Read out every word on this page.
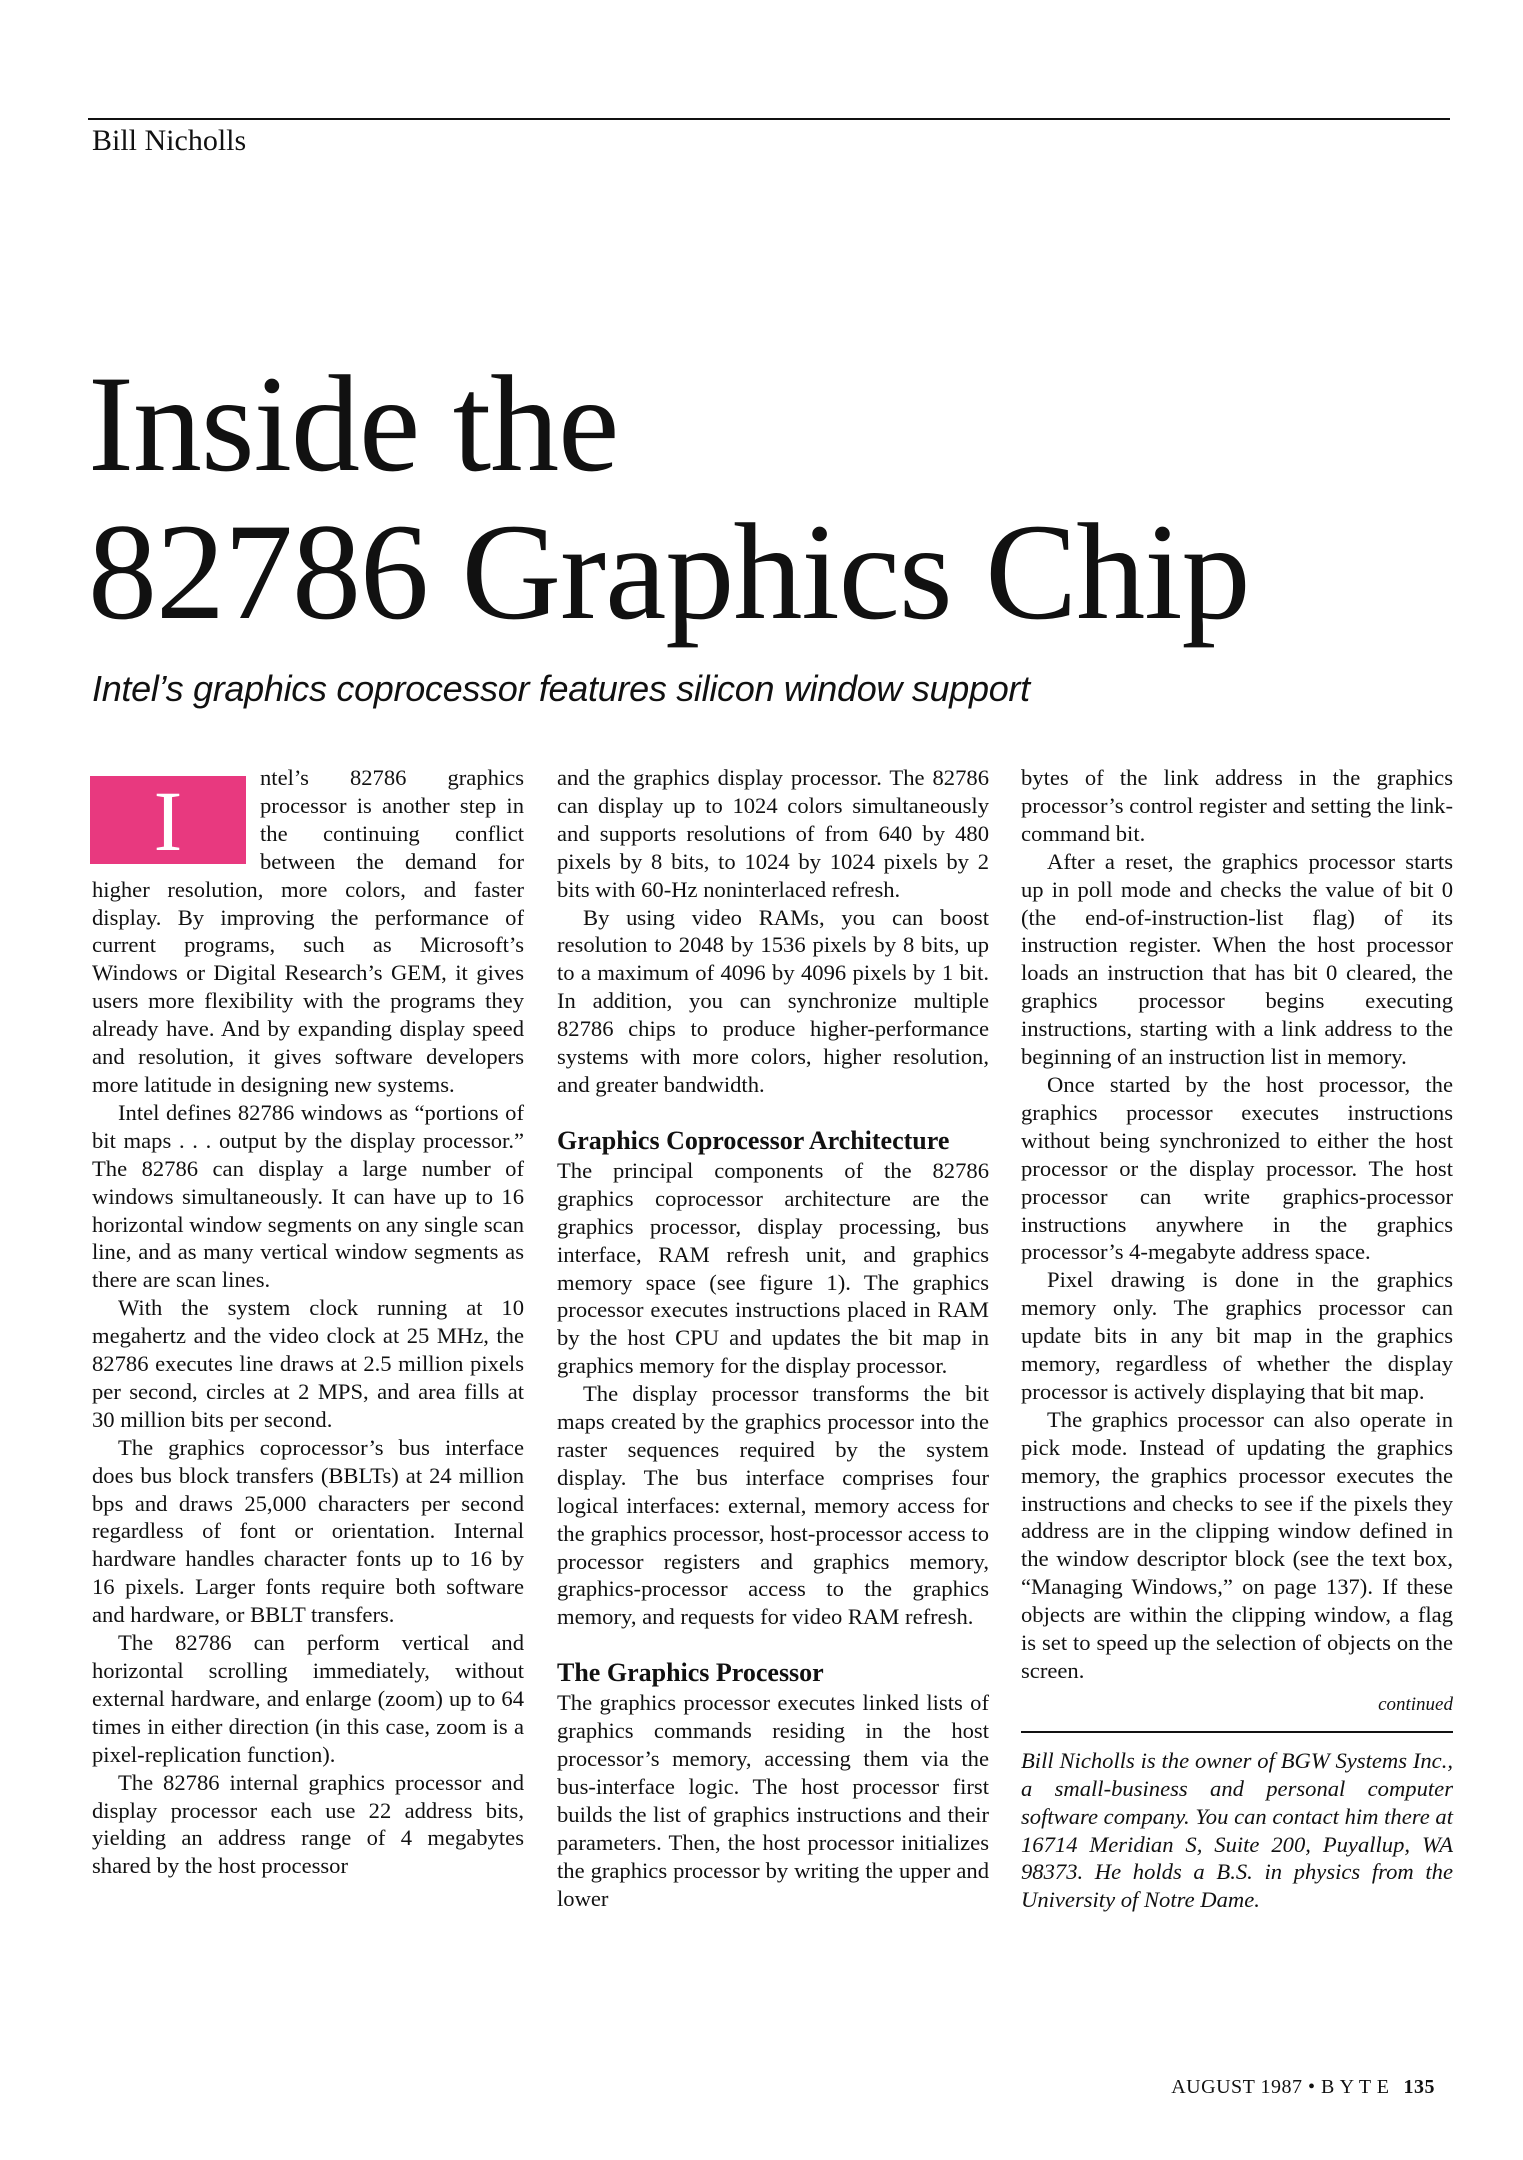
Bill Nicholls
Inside the
82786 Graphics Chip
Intel’s graphics coprocessor features silicon window support

I	ntel’s 82786 graphics processor is another step in the continuing conflict between the demand for higher resolution, more colors, and faster display. By improving the performance of current programs, such as Microsoft’s Windows or Digital Research’s GEM, it gives users more flexibility with the programs they already have. And by expanding display speed and resolution, it gives software developers more latitude in designing new systems.

Intel defines 82786 windows as “portions of bit maps . . . output by the display processor.” The 82786 can display a large number of windows simultaneously. It can have up to 16 horizontal window segments on any single scan line, and as many vertical window segments as there are scan lines.

With the system clock running at 10 megahertz and the video clock at 25 MHz, the 82786 executes line draws at 2.5 million pixels per second, circles at 2 MPS, and area fills at 30 million bits per second.

The graphics coprocessor’s bus interface does bus block transfers (BBLTs) at 24 million bps and draws 25,000 characters per second regardless of font or orientation. Internal hardware handles character fonts up to 16 by 16 pixels. Larger fonts require both software and hardware, or BBLT transfers.

The 82786 can perform vertical and horizontal scrolling immediately, without external hardware, and enlarge (zoom) up to 64 times in either direction (in this case, zoom is a pixel-replication function).

The 82786 internal graphics processor and display processor each use 22 address bits, yielding an address range of 4 megabytes shared by the host processor

and the graphics display processor. The 82786 can display up to 1024 colors simultaneously and supports resolutions of from 640 by 480 pixels by 8 bits, to 1024 by 1024 pixels by 2 bits with 60-Hz noninterlaced refresh.

By using video RAMs, you can boost resolution to 2048 by 1536 pixels by 8 bits, up to a maximum of 4096 by 4096 pixels by 1 bit. In addition, you can synchronize multiple 82786 chips to produce higher-performance systems with more colors, higher resolution, and greater bandwidth.

Graphics Coprocessor Architecture

The principal components of the 82786 graphics coprocessor architecture are the graphics processor, display processing, bus interface, RAM refresh unit, and graphics memory space (see figure 1). The graphics processor executes instructions placed in RAM by the host CPU and updates the bit map in graphics memory for the display processor.

The display processor transforms the bit maps created by the graphics processor into the raster sequences required by the system display. The bus interface comprises four logical interfaces: external, memory access for the graphics processor, host-processor access to processor registers and graphics memory, graphics-processor access to the graphics memory, and requests for video RAM refresh.

The Graphics Processor

The graphics processor executes linked lists of graphics commands residing in the host processor’s memory, accessing them via the bus-interface logic. The host processor first builds the list of graphics instructions and their parameters. Then, the host processor initializes the graphics processor by writing the upper and lower

bytes of the link address in the graphics processor’s control register and setting the link-command bit.

After a reset, the graphics processor starts up in poll mode and checks the value of bit 0 (the end-of-instruction-list flag) of its instruction register. When the host processor loads an instruction that has bit 0 cleared, the graphics processor begins executing instructions, starting with a link address to the beginning of an instruction list in memory.

Once started by the host processor, the graphics processor executes instructions without being synchronized to either the host processor or the display processor. The host processor can write graphics-processor instructions anywhere in the graphics processor’s 4-megabyte address space.

Pixel drawing is done in the graphics memory only. The graphics processor can update bits in any bit map in the graphics memory, regardless of whether the display processor is actively displaying that bit map.

The graphics processor can also operate in pick mode. Instead of updating the graphics memory, the graphics processor executes the instructions and checks to see if the pixels they address are in the clipping window defined in the window descriptor block (see the text box, “Managing Windows,” on page 137). If these objects are within the clipping window, a flag is set to speed up the selection of objects on the screen.

continued
Bill Nicholls is the owner of BGW Systems Inc., a small-business and personal computer software company. You can contact him there at 16714 Meridian S, Suite 200, Puyallup, WA 98373. He holds a B.S. in physics from the University of Notre Dame.
AUGUST 1987 • B Y T E 135
